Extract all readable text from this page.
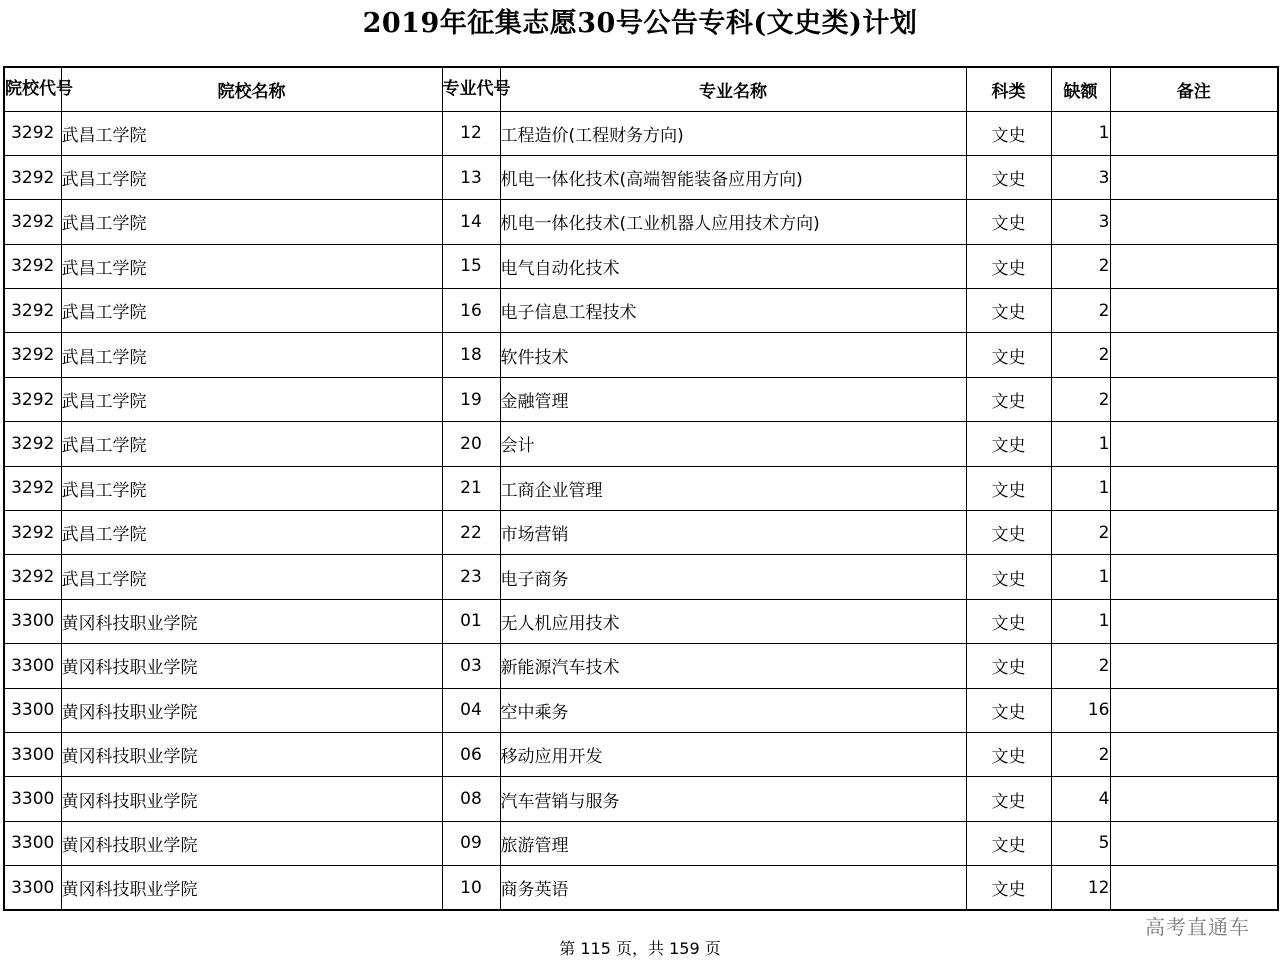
2019年征集志愿30号公告专科(文史类)计划
院校代号	院校名称	专业代号	专业名称	科类	缺额	备注
3292	武昌工学院	12	工程造价(工程财务方向)	文史	1	
3292	武昌工学院	13	机电一体化技术(高端智能装备应用方向)	文史	3	
3292	武昌工学院	14	机电一体化技术(工业机器人应用技术方向)	文史	3	
3292	武昌工学院	15	电气自动化技术	文史	2	
3292	武昌工学院	16	电子信息工程技术	文史	2	
3292	武昌工学院	18	软件技术	文史	2	
3292	武昌工学院	19	金融管理	文史	2	
3292	武昌工学院	20	会计	文史	1	
3292	武昌工学院	21	工商企业管理	文史	1	
3292	武昌工学院	22	市场营销	文史	2	
3292	武昌工学院	23	电子商务	文史	1	
3300	黄冈科技职业学院	01	无人机应用技术	文史	1	
3300	黄冈科技职业学院	03	新能源汽车技术	文史	2	
3300	黄冈科技职业学院	04	空中乘务	文史	16	
3300	黄冈科技职业学院	06	移动应用开发	文史	2	
3300	黄冈科技职业学院	08	汽车营销与服务	文史	4	
3300	黄冈科技职业学院	09	旅游管理	文史	5	
3300	黄冈科技职业学院	10	商务英语	文史	12	
高考直通车
第 115 页，共 159 页
